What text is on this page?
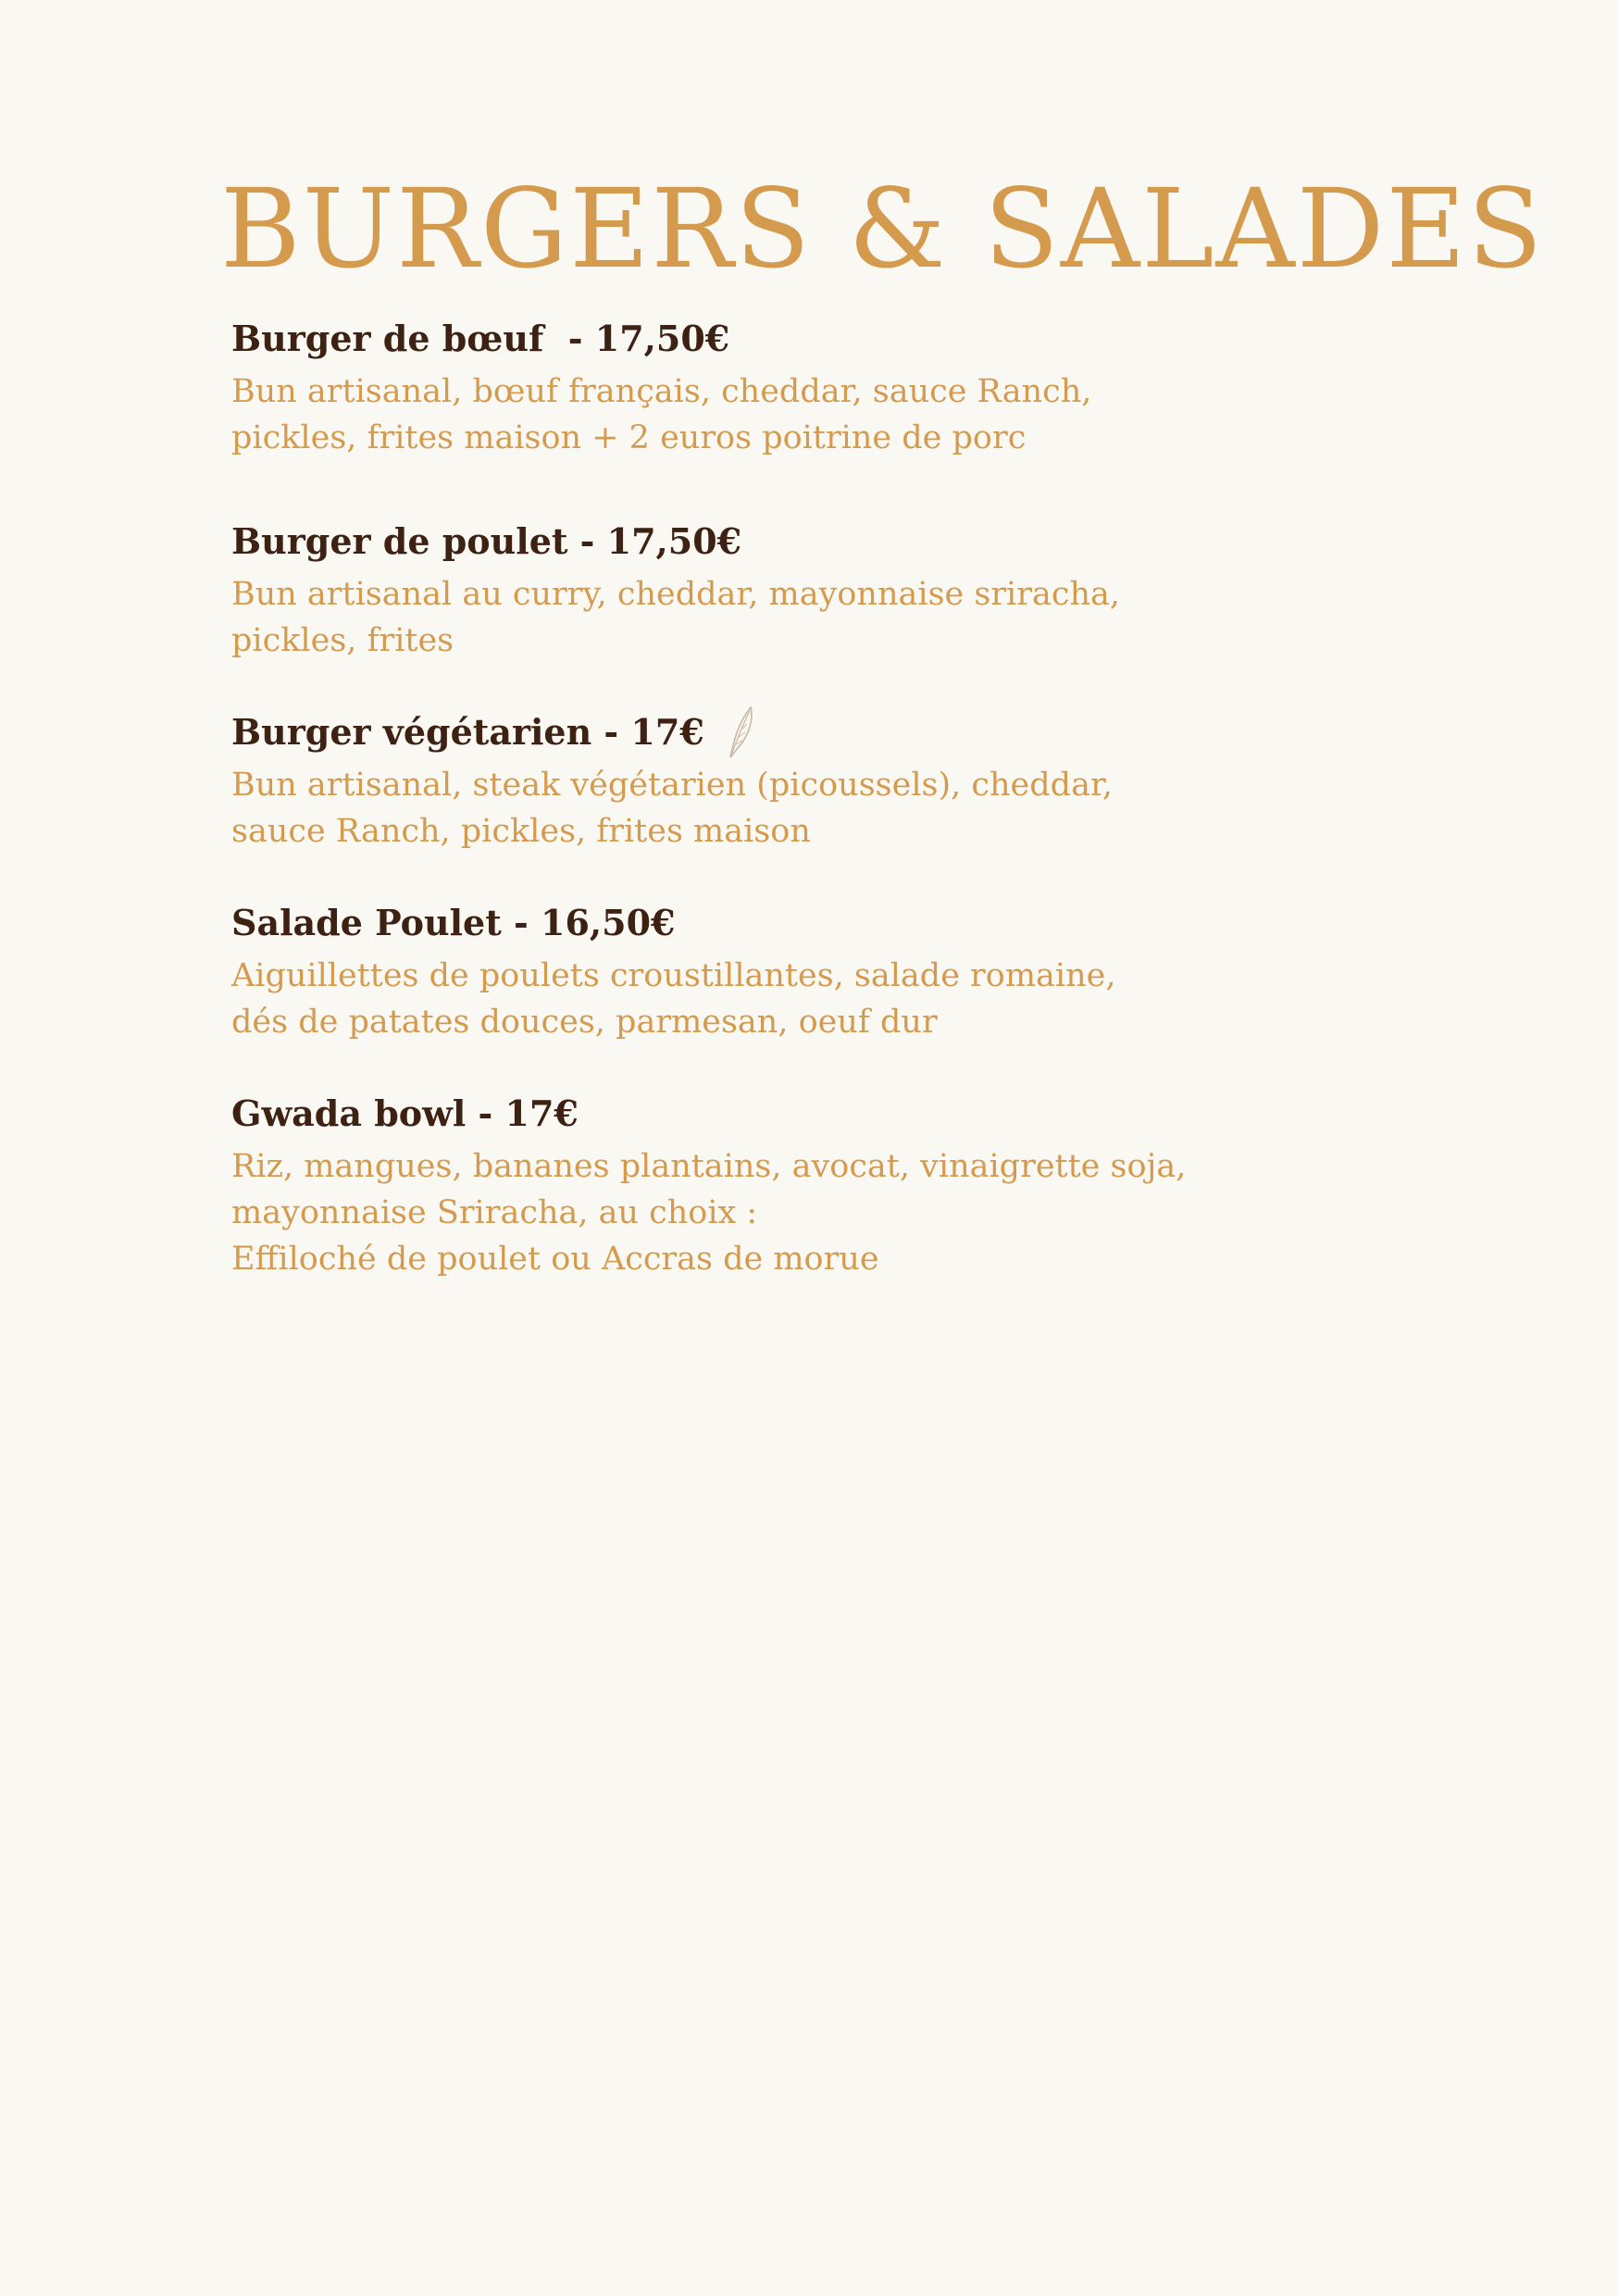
BURGERS & SALADES
Burger de bœuf  - 17,50€
Bun artisanal, bœuf français, cheddar, sauce Ranch,
pickles, frites maison + 2 euros poitrine de porc
Burger de poulet - 17,50€
Bun artisanal au curry, cheddar, mayonnaise sriracha,
pickles, frites
Burger végétarien - 17€
Bun artisanal, steak végétarien (picoussels), cheddar,
sauce Ranch, pickles, frites maison
Salade Poulet - 16,50€
Aiguillettes de poulets croustillantes, salade romaine,
dés de patates douces, parmesan, oeuf dur
Gwada bowl - 17€
Riz, mangues, bananes plantains, avocat, vinaigrette soja,
mayonnaise Sriracha, au choix :
Effiloché de poulet ou Accras de morue
